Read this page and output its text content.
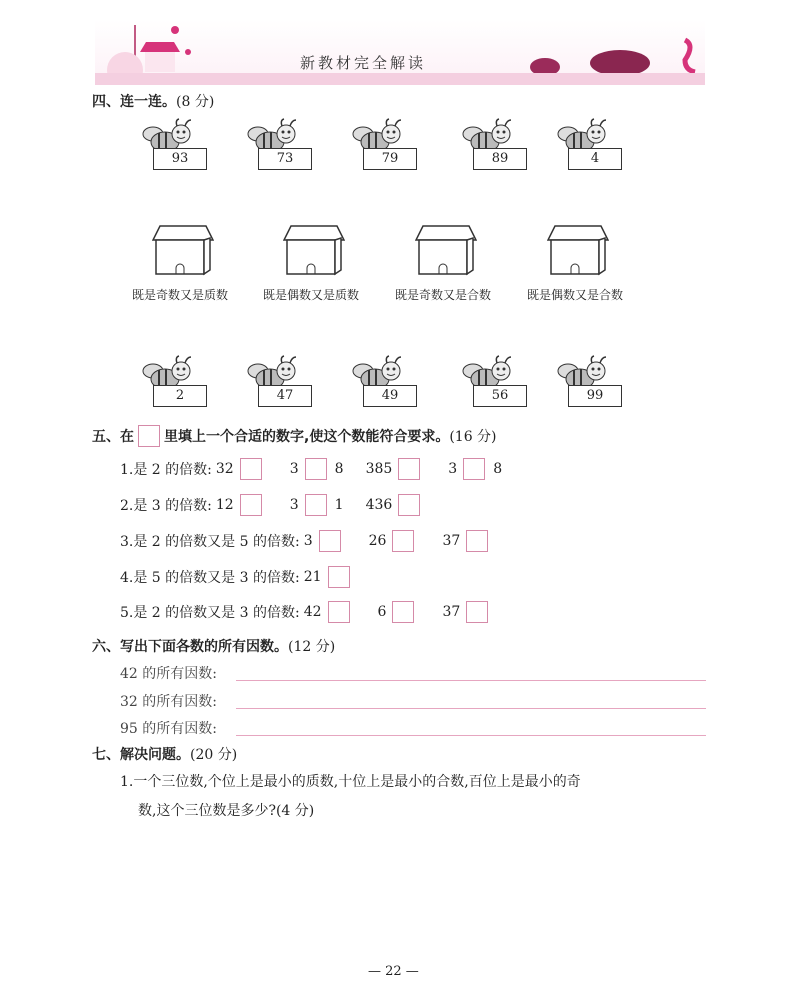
新教材完全解读
四、连一连。(8 分)
五、在 里填上一个合适的数字,使这个数能符合要求。 (16 分)
六、写出下面各数的所有因数。(12 分)
七、解决问题。(20 分)
1.一个三位数,个位上是最小的质数,十位上是最小的合数,百位上是最小的奇
数,这个三位数是多少?(4 分)
— 22 —
93	73	79	89	4
2	47	49	56	99
既是奇数又是质数	既是偶数又是质数	既是奇数又是合数	既是偶数又是合数
1.是 2 的倍数: 32	3	8 385	3	8
2.是 3 的倍数: 12	3	1 436
3.是 2 的倍数又是 5 的倍数: 3	26	37
4.是 5 的倍数又是 3 的倍数: 21
5.是 2 的倍数又是 3 的倍数: 42	6	37
42 的所有因数:
32 的所有因数:
95 的所有因数:
